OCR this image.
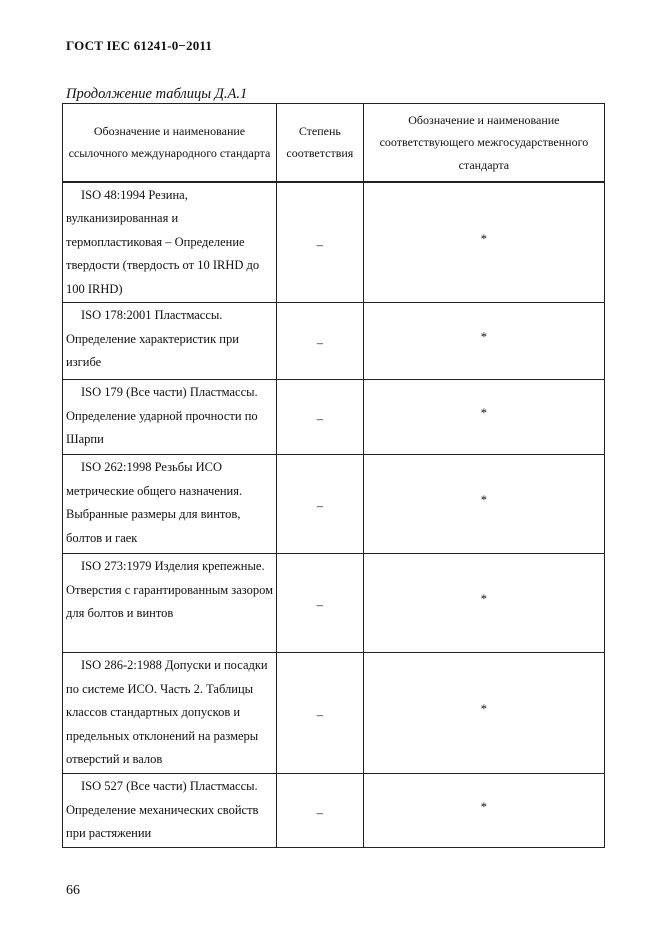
ГОСТ IEC 61241-0−2011
Продолжение таблицы Д.А.1
Обозначение и наименование ссылочного международного стандарта	Степень соответствия	Обозначение и наименование соответствующего межгосударственного стандарта
ISO 48:1994 Резина, вулканизированная и термопластиковая – Определение твердости (твердость от 10 IRHD до 100 IRHD)	–	*
ISO 178:2001 Пластмассы. Определение характеристик при изгибе	–	*
ISO 179 (Все части) Пластмассы. Определение ударной прочности по Шарпи	–	*
ISO 262:1998 Резьбы ИСО метрические общего назначения. Выбранные размеры для винтов, болтов и гаек	–	*
ISO 273:1979 Изделия крепежные. Отверстия с гарантированным зазором для болтов и винтов	–	*
ISO 286-2:1988 Допуски и посадки по системе ИСО. Часть 2. Таблицы классов стандартных допусков и предельных отклонений на размеры отверстий и валов	–	*
ISO 527 (Все части) Пластмассы. Определение механических свойств при растяжении	–	*
66
